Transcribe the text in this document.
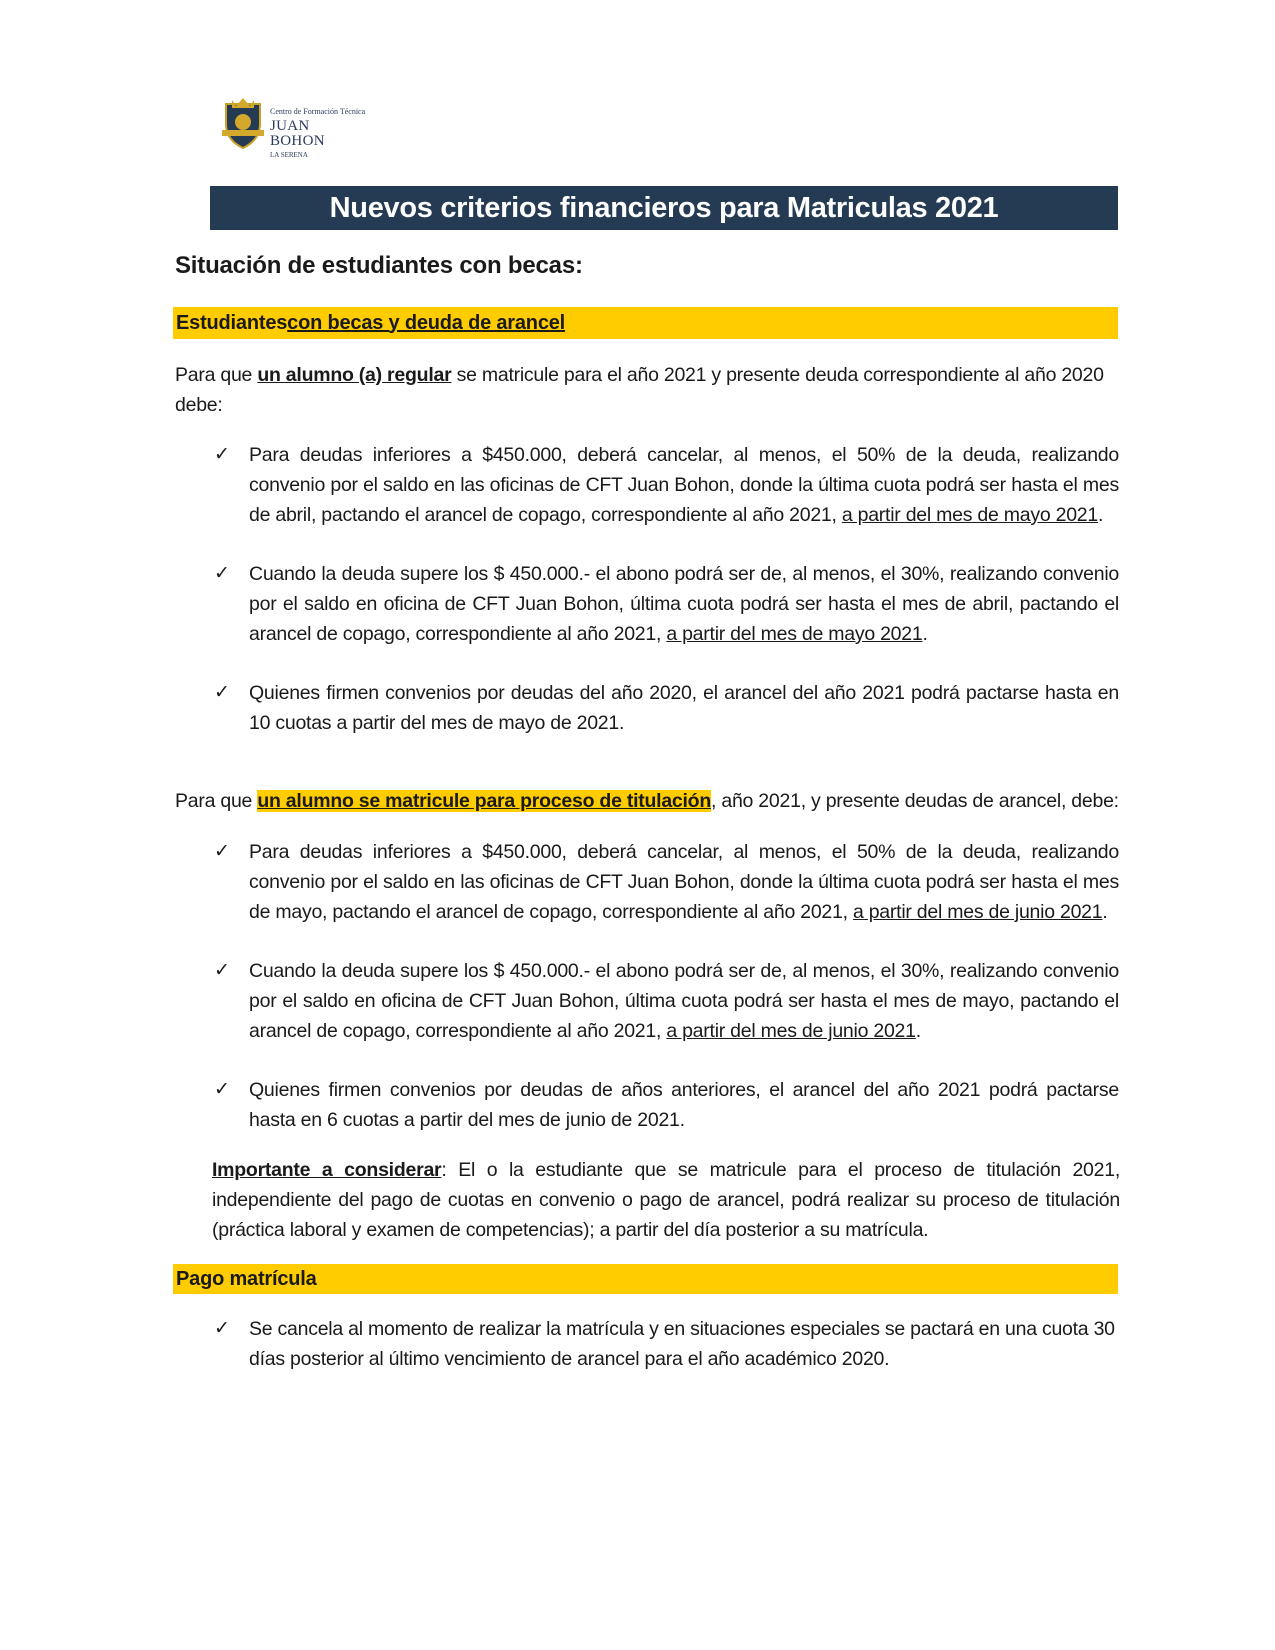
Centro de Formación Técnica
JUAN BOHON
LA SERENA
Nuevos criterios financieros para Matriculas 2021
Situación de estudiantes con becas:
Estudiantes con becas y deuda de arancel
Para que un alumno (a) regular se matricule para el año 2021 y presente deuda correspondiente al año 2020 debe:
✓ Para deudas inferiores a $450.000, deberá cancelar, al menos, el 50% de la deuda, realizando convenio por el saldo en las oficinas de CFT Juan Bohon, donde la última cuota podrá ser hasta el mes de abril, pactando el arancel de copago, correspondiente al año 2021, a partir del mes de mayo 2021.
✓ Cuando la deuda supere los $ 450.000.- el abono podrá ser de, al menos, el 30%, realizando convenio por el saldo en oficina de CFT Juan Bohon, última cuota podrá ser hasta el mes de abril, pactando el arancel de copago, correspondiente al año 2021, a partir del mes de mayo 2021.
✓ Quienes firmen convenios por deudas del año 2020, el arancel del año 2021 podrá pactarse hasta en 10 cuotas a partir del mes de mayo de 2021.
Para que un alumno se matricule para proceso de titulación, año 2021, y presente deudas de arancel, debe:
✓ Para deudas inferiores a $450.000, deberá cancelar, al menos, el 50% de la deuda, realizando convenio por el saldo en las oficinas de CFT Juan Bohon, donde la última cuota podrá ser hasta el mes de mayo, pactando el arancel de copago, correspondiente al año 2021, a partir del mes de junio 2021.
✓ Cuando la deuda supere los $ 450.000.- el abono podrá ser de, al menos, el 30%, realizando convenio por el saldo en oficina de CFT Juan Bohon, última cuota podrá ser hasta el mes de mayo, pactando el arancel de copago, correspondiente al año 2021, a partir del mes de junio 2021.
✓ Quienes firmen convenios por deudas de años anteriores, el arancel del año 2021 podrá pactarse hasta en 6 cuotas a partir del mes de junio de 2021.
Importante a considerar: El o la estudiante que se matricule para el proceso de titulación 2021, independiente del pago de cuotas en convenio o pago de arancel, podrá realizar su proceso de titulación (práctica laboral y examen de competencias); a partir del día posterior a su matrícula.
Pago matrícula
✓ Se cancela al momento de realizar la matrícula y en situaciones especiales se pactará en una cuota 30 días posterior al último vencimiento de arancel para el año académico 2020.
